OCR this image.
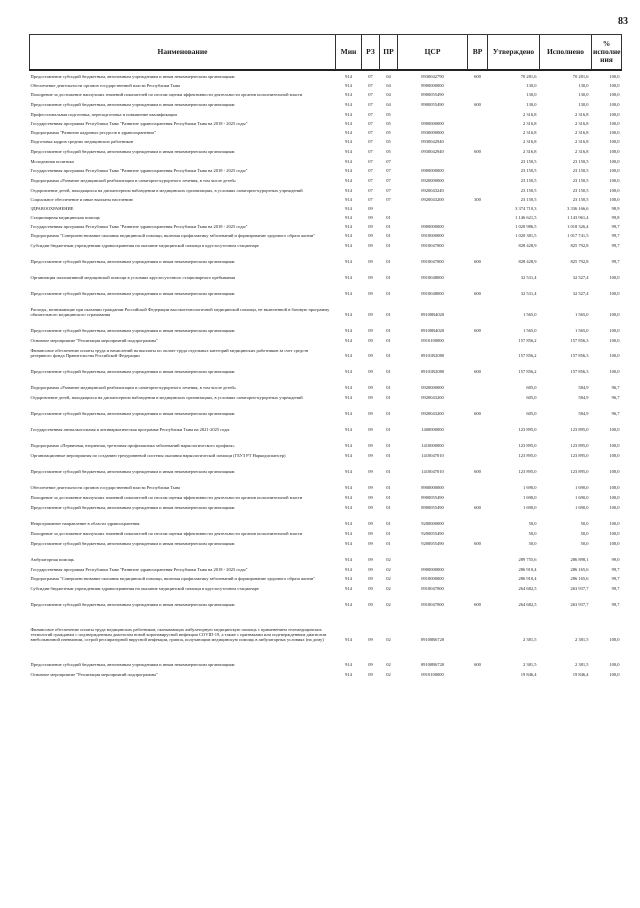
83
Наименование	Мин	РЗ	ПР	ЦСР	ВР	Утверждено	Исполнено	% исполне ния
Предоставление субсидий бюджетным, автономным учреждениям и иным некоммерческим организациям	914	07	04	0930042790	600	70 281,6	70 281,6	100,0
Обеспечение деятельности органов государственной власти Республики Тыва	914	07	04	8900000000		130,0	130,0	100,0
Поощрение за достижение наилучших значений показателей по итогам оценки эффективности деятельности органов исполнительной власти	914	07	04	8900055490		130,0	130,0	100,0
Предоставление субсидий бюджетным, автономным учреждениям и иным некоммерческим организациям	914	07	04	8900055490	600	130,0	130,0	100,0
Профессиональная подготовка, переподготовка и повышение квалификации	914	07	05			2 316,8	2 316,8	100,0
Государственная программа Республики Тыва "Развитие здравоохранения Республики Тыва на 2018 - 2025 годы"	914	07	05	0900000000		2 316,8	2 316,8	100,0
Подпрограмма "Развитие кадровых ресурсов в здравоохранении"	914	07	05	0930000000		2 316,8	2 316,8	100,0
Подготовка кадров средних медицинских работников	914	07	05	0930042940		2 316,8	2 316,8	100,0
Предоставление субсидий бюджетным, автономным учреждениям и иным некоммерческим организациям	914	07	05	0930042940	600	2 316,8	2 316,8	100,0
Молодежная политика	914	07	07			23 150,5	23 150,5	100,0
Государственная программа Республики Тыва "Развитие здравоохранения Республики Тыва на 2018 - 2025 годы"	914	07	07	0900000000		23 150,5	23 150,5	100,0
Подпрограмма «Развитие медицинской реабилитации и санаторно-курортного лечения, в том числе детей»	914	07	07	0920000000		23 150,5	23 150,5	100,0
Оздоровление детей, находящихся на диспансерном наблюдении в медицинских организациях, в условиях санаторно-курортных учреждений	914	07	07	0920043240		23 150,5	23 150,5	100,0
Социальное обеспечение и иные выплаты населению	914	07	07	0920043200	300	23 150,5	23 150,5	100,0
ЗДРАВООХРАНЕНИЕ	914	09				3 374 710,3	3 336 166,6	98,9
Стационарная медицинская помощь	914	09	01			1 146 621,5	1 143 961,4	99,8
Государственная программа Республики Тыва "Развитие здравоохранения Республики Тыва на 2018 - 2025 годы"	914	09	01	0900000000		1 020 986,5	1 018 326,4	99,7
Подпрограмма "Совершенствование оказания медицинской помощи, включая профилактику заболеваний и формирование здорового образа жизни"	914	09	01	0910000000		1 020 381,5	1 017 741,5	99,7
Субсидии бюджетным учреждениям здравоохранения на оказание медицинской помощи в круглосуточном стационаре	914	09	01	0910047000		828 428,9	825 792,8	99,7
Предоставление субсидий бюджетным, автономным учреждениям и иным некоммерческим организациям	914	09	01	0910047000	600	828 428,9	825 792,8	99,7
Организация паллиативной медицинской помощи в условиях круглосуточного стационарного пребывания	914	09	01	0910048000		32 531,4	32 527,4	100,0
Предоставление субсидий бюджетным, автономным учреждениям и иным некоммерческим организациям	914	09	01	0910048000	600	32 531,4	32 527,4	100,0
Расходы, возникающие при оказании гражданам Российской Федерации высокотехнологичной медицинской помощи, не включенной в базовую программу обязательного медицинского страхования	914	09	01	09100R4020		1 565,0	1 565,0	100,0
Предоставление субсидий бюджетным, автономным учреждениям и иным некоммерческим организациям	914	09	01	09100R4020	600	1 565,0	1 565,0	100,0
Основное мероприятие "Реализация мероприятий подпрограммы"	914	09	01	0910100000		157 856,2	157 856,3	100,0
Финансовое обеспечение оплаты труда и начислений на выплаты по оплате труда отдельных категорий медицинских работников за счет средств резервного фонда Правительства Российской Федерации	914	09	01	09101R2080		157 856,2	157 856,3	100,0
Предоставление субсидий бюджетным, автономным учреждениям и иным некоммерческим организациям	914	09	01	09101R2080	600	157 856,2	157 856,3	100,0
Подпрограмма «Развитие медицинской реабилитации и санаторно-курортного лечения, в том числе детей»	914	09	01	0920000000		605,0	584,9	96,7
Оздоровление детей, находящихся на диспансерном наблюдении в медицинских организациях, в условиях санаторно-курортных учреждений	914	09	01	0920043200		605,0	584,9	96,7
Предоставление субсидий бюджетным, автономным учреждениям и иным некоммерческим организациям	914	09	01	0920043200	600	605,0	584,9	96,7
Государственная антиалкогольная и антинаркотическая программа Республики Тыва на 2021-2025 годы	914	09	01	1400000000		123 895,0	123 895,0	100,0
Подпрограмма «Первичная, вторичная, третичная профилактика заболеваний наркологического профиля»	914	09	01	1410000000		123 895,0	123 895,0	100,0
Организационные мероприятия по созданию трехуровневой системы оказания наркологической помощи (ГБУЗ РТ Наркодиспансер)	914	09	01	1410047010		123 895,0	123 895,0	100,0
Предоставление субсидий бюджетным, автономным учреждениям и иным некоммерческим организациям	914	09	01	1410047010	600	123 895,0	123 895,0	100,0
Обеспечение деятельности органов государственной власти Республики Тыва	914	09	01	8900000000		1 690,0	1 690,0	100,0
Поощрение за достижение наилучших значений показателей по итогам оценки эффективности деятельности органов исполнительной власти	914	09	01	8900055490		1 690,0	1 690,0	100,0
Предоставление субсидий бюджетным, автономным учреждениям и иным некоммерческим организациям	914	09	01	8900055490	600	1 690,0	1 690,0	100,0
Непрограммное направление в области здравоохранения	914	09	01	9200000000		50,0	50,0	100,0
Поощрение за достижение наилучших значений показателей по итогам оценки эффективности деятельности органов исполнительной власти	914	09	01	9200055490		50,0	50,0	100,0
Предоставление субсидий бюджетным, автономным учреждениям и иным некоммерческим организациям	914	09	01	9200055490	600	50,0	50,0	100,0
Амбулаторная помощь	914	09	02			289 755,6	286 898,1	99,0
Государственная программа Республики Тыва "Развитие здравоохранения Республики Тыва на 2018 - 2025 годы"	914	09	02	0900000000		286 910,4	286 165,6	99,7
Подпрограмма "Совершенствование оказания медицинской помощи, включая профилактику заболеваний и формирование здорового образа жизни"	914	09	02	0910000000		286 910,4	286 165,6	99,7
Субсидии бюджетным учреждениям здравоохранения на оказание медицинской помощи в круглосуточном стационаре	914	09	02	0910047000		264 682,5	263 937,7	99,7
Предоставление субсидий бюджетным, автономным учреждениям и иным некоммерческим организациям	914	09	02	0910047000	600	264 682,5	263 937,7	99,7
Финансовое обеспечение оплаты труда медицинских работников, оказывающих амбулаторную медицинскую помощь с применением телемедицинских технологий гражданам с подтвержденным диагнозом новой коронавирусной инфекции COVID-19, а также с признаками или подтвержденным диагнозом внебольничной пневмонии, острой респираторной вирусной инфекции, гриппа, получающим медицинскую помощь в амбулаторных условиях (на дому)	914	09	02	09100R6720		2 381,5	2 381,5	100,0
Предоставление субсидий бюджетным, автономным учреждениям и иным некоммерческим организациям	914	09	02	09100R6720	600	2 381,5	2 381,5	100,0
Основное мероприятие "Реализация мероприятий подпрограммы"	914	09	02	0910100000		19 846,4	19 846,4	100,0
